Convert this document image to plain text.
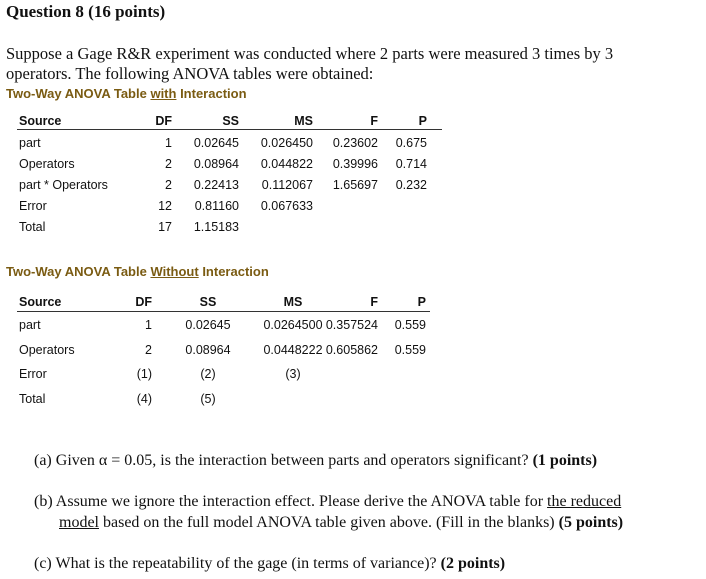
Question 8 (16 points)
Suppose a Gage R&R experiment was conducted where 2 parts were measured 3 times by 3
operators. The following ANOVA tables were obtained:
Two-Way ANOVA Table with Interaction
Source	DF	SS	MS	F	P
part	1	0.02645	0.026450	0.23602	0.675
Operators	2	0.08964	0.044822	0.39996	0.714
part * Operators	2	0.22413	0.112067	1.65697	0.232
Error	12	0.81160	0.067633
Total	17	1.15183
Two-Way ANOVA Table Without Interaction
Source	DF	SS	MS	F	P
part	1	0.02645	0.0264500 0.357524	0.559
Operators	2	0.08964	0.0448222 0.605862	0.559
Error	(1)	(2)	(3)
Total	(4)	(5)
(a) Given α = 0.05, is the interaction between parts and operators significant? (1 points)
(b) Assume we ignore the interaction effect. Please derive the ANOVA table for the reduced
model based on the full model ANOVA table given above. (Fill in the blanks) (5 points)
(c) What is the repeatability of the gage (in terms of variance)? (2 points)
